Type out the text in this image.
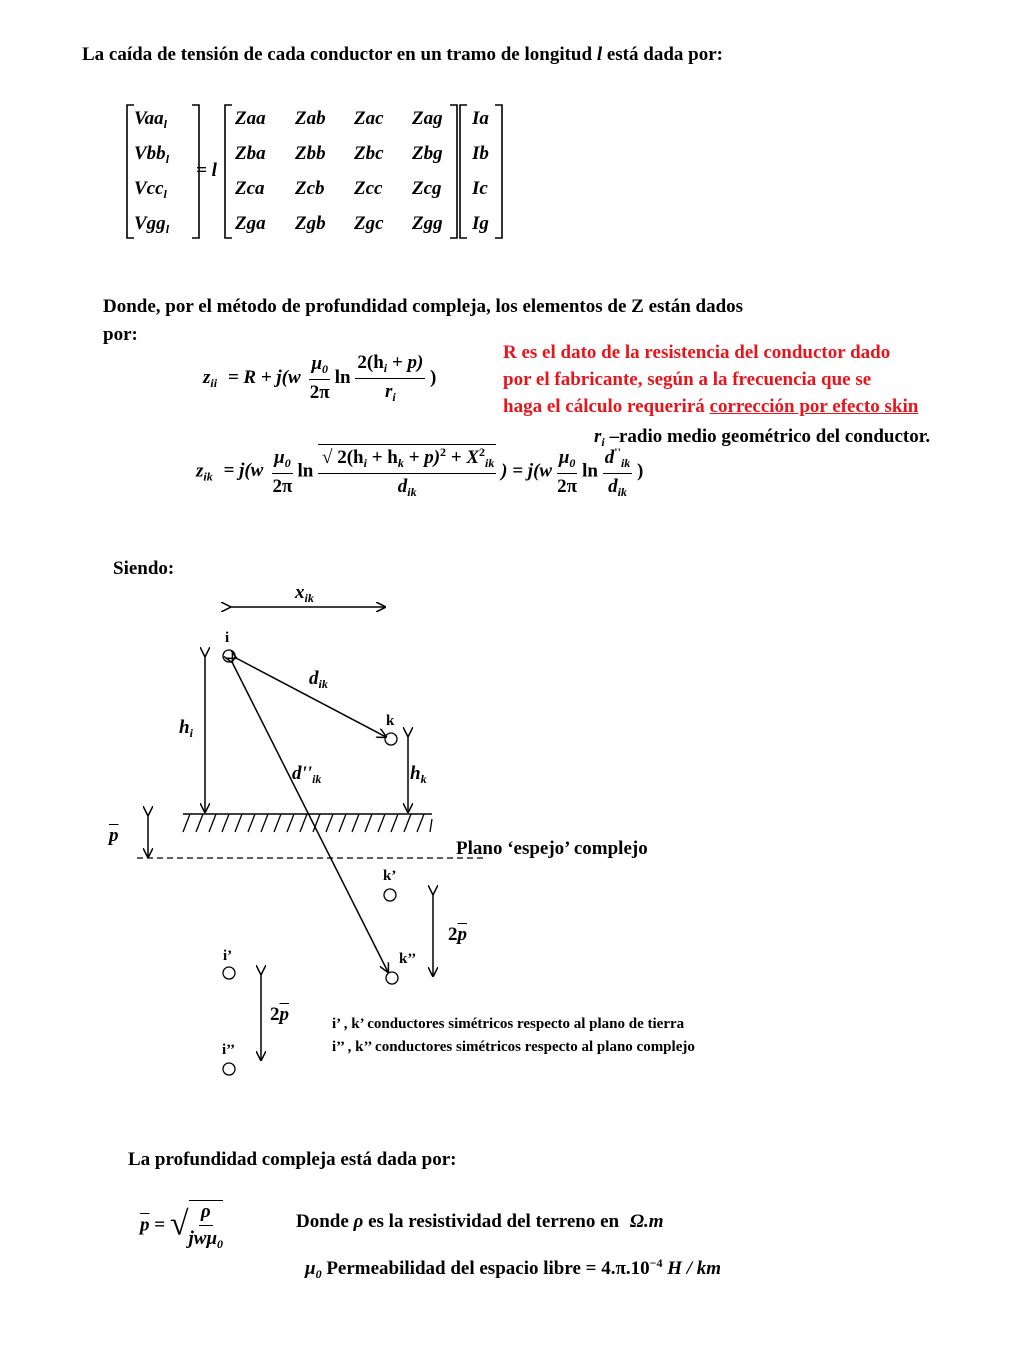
La caída de tensión de cada conductor en un tramo de longitud l está dada por:
Vaa$_l$
Vbb$_l$
Vcc$_l$
Vgg$_l$
= l
Zaa Zab Zac Zag
Zba Zbb Zbc Zbg
Zca Zcb Zcc Zcg
Zga Zgb Zgc Zgg
Ia
Ib
Ic
Ig
Donde, por el método de profundidad compleja, los elementos de Z están dados
por:
R es el dato de la resistencia del conductor dado
por el fabricante, según a la frecuencia que se
haga el cálculo requerirá corrección por efecto skin
$z_{ii} = R + j(w \frac{\mu_0}{2\pi}$ $\ln \frac{2(h_i + p)}{r_i}$ )
$r_i$ –radio medio geométrico del conductor.
$z_{ik} = j(w \frac{\mu_0}{2\pi}$ $\ln \frac{√ 2(h_i + h_k + p)^2 + X^2_{ik}}{d_{ik}}$ ) = $j(w \frac{\mu_0}{2\pi}$ $\ln \frac{d''_{ik}}{d_{ik}}$ )
Siendo:
$x_{ik}$
i
$d_{ik}$
k
$h_i$
$d''_{ik}$	$h_k$
$\overline{p}$
Plano ‘espejo’ complejo
k’
$2\overline{p}$
i’	k’’
$2\overline{p}$	i’ , k’ conductores simétricos respecto al plano de tierra
i’’ , k’’ conductores simétricos respecto al plano complejo
i’’
La profundidad compleja está dada por:
$\overline{p}$ = √ $\frac{\rho}{jw\mu_0}$	Donde ρ es la resistividad del terreno en Ω.m
$\mu_0$ Permeabilidad del espacio libre = $4.\pi.10^{-4}$ H / km
